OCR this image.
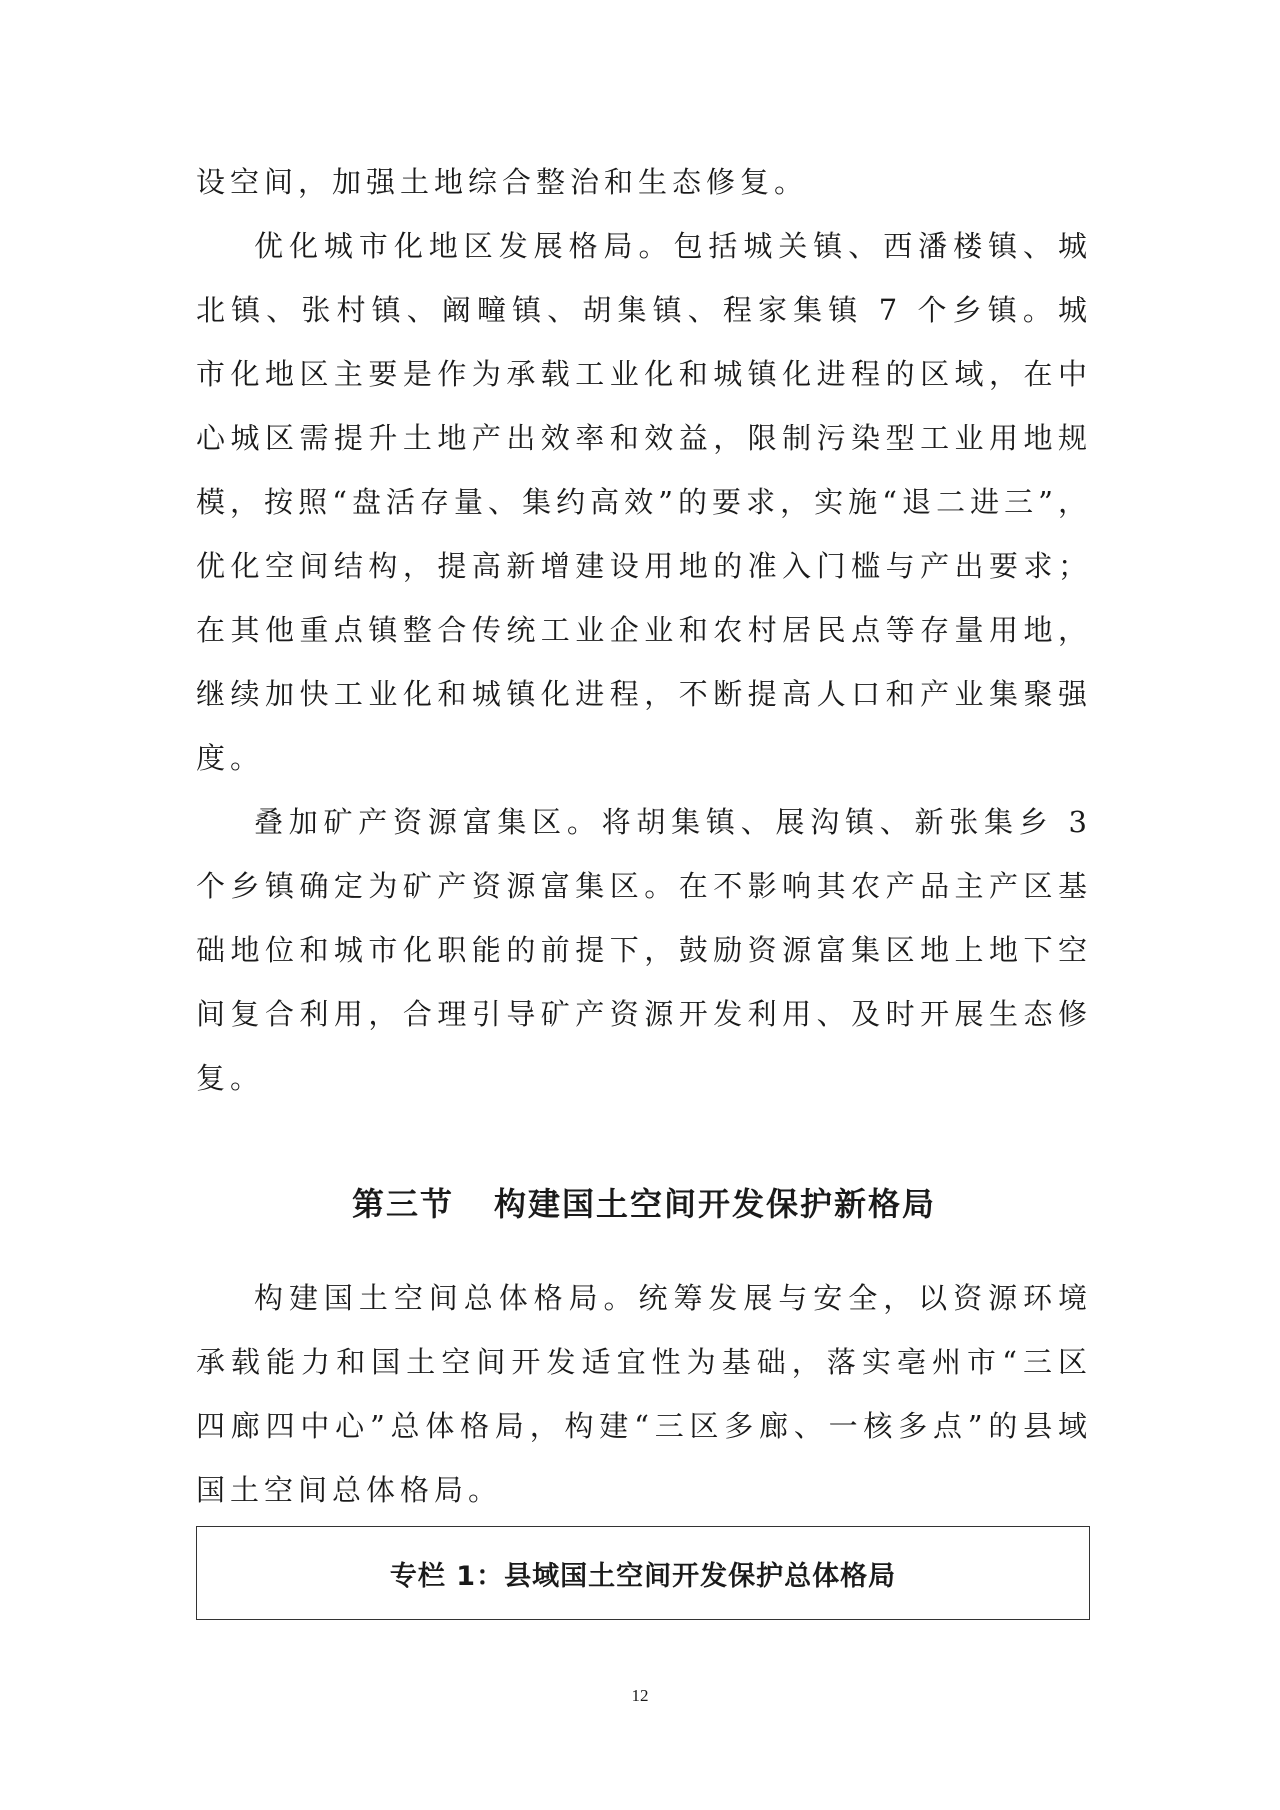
设空间，加强土地综合整治和生态修复。

优化城市化地区发展格局。包括城关镇、西潘楼镇、城北镇、张村镇、阚疃镇、胡集镇、程家集镇 7 个乡镇。城市化地区主要是作为承载工业化和城镇化进程的区域，在中心城区需提升土地产出效率和效益，限制污染型工业用地规模，按照“盘活存量、集约高效”的要求，实施“退二进三”，优化空间结构，提高新增建设用地的准入门槛与产出要求；在其他重点镇整合传统工业企业和农村居民点等存量用地，继续加快工业化和城镇化进程，不断提高人口和产业集聚强度。

叠加矿产资源富集区。将胡集镇、展沟镇、新张集乡 3 个乡镇确定为矿产资源富集区。在不影响其农产品主产区基础地位和城市化职能的前提下，鼓励资源富集区地上地下空间复合利用，合理引导矿产资源开发利用、及时开展生态修复。

第三节 构建国土空间开发保护新格局

构建国土空间总体格局。统筹发展与安全，以资源环境承载能力和国土空间开发适宜性为基础，落实亳州市“三区四廊四中心”总体格局，构建“三区多廊、一核多点”的县域国土空间总体格局。

专栏 1：县域国土空间开发保护总体格局
12
